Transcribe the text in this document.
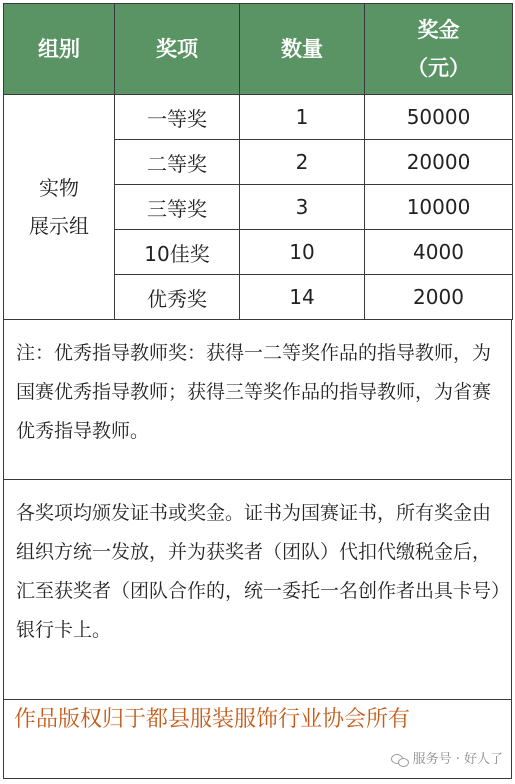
组别	奖项	数量	奖金
（元）

实物
展示组	一等奖	1	50000
	二等奖	2	20000
	三等奖	3	10000
	10佳奖	10	4000
	优秀奖	14	2000
注：优秀指导教师奖：获得一二等奖作品的指导教师，为国赛优秀指导教师；获得三等奖作品的指导教师，为省赛优秀指导教师。
各奖项均颁发证书或奖金。证书为国赛证书，所有奖金由组织方统一发放，并为获奖者（团队）代扣代缴税金后，汇至获奖者（团队合作的，统一委托一名创作者出具卡号）银行卡上。
作品版权归于都县服装服饰行业协会所有
服务号 · 好人了
